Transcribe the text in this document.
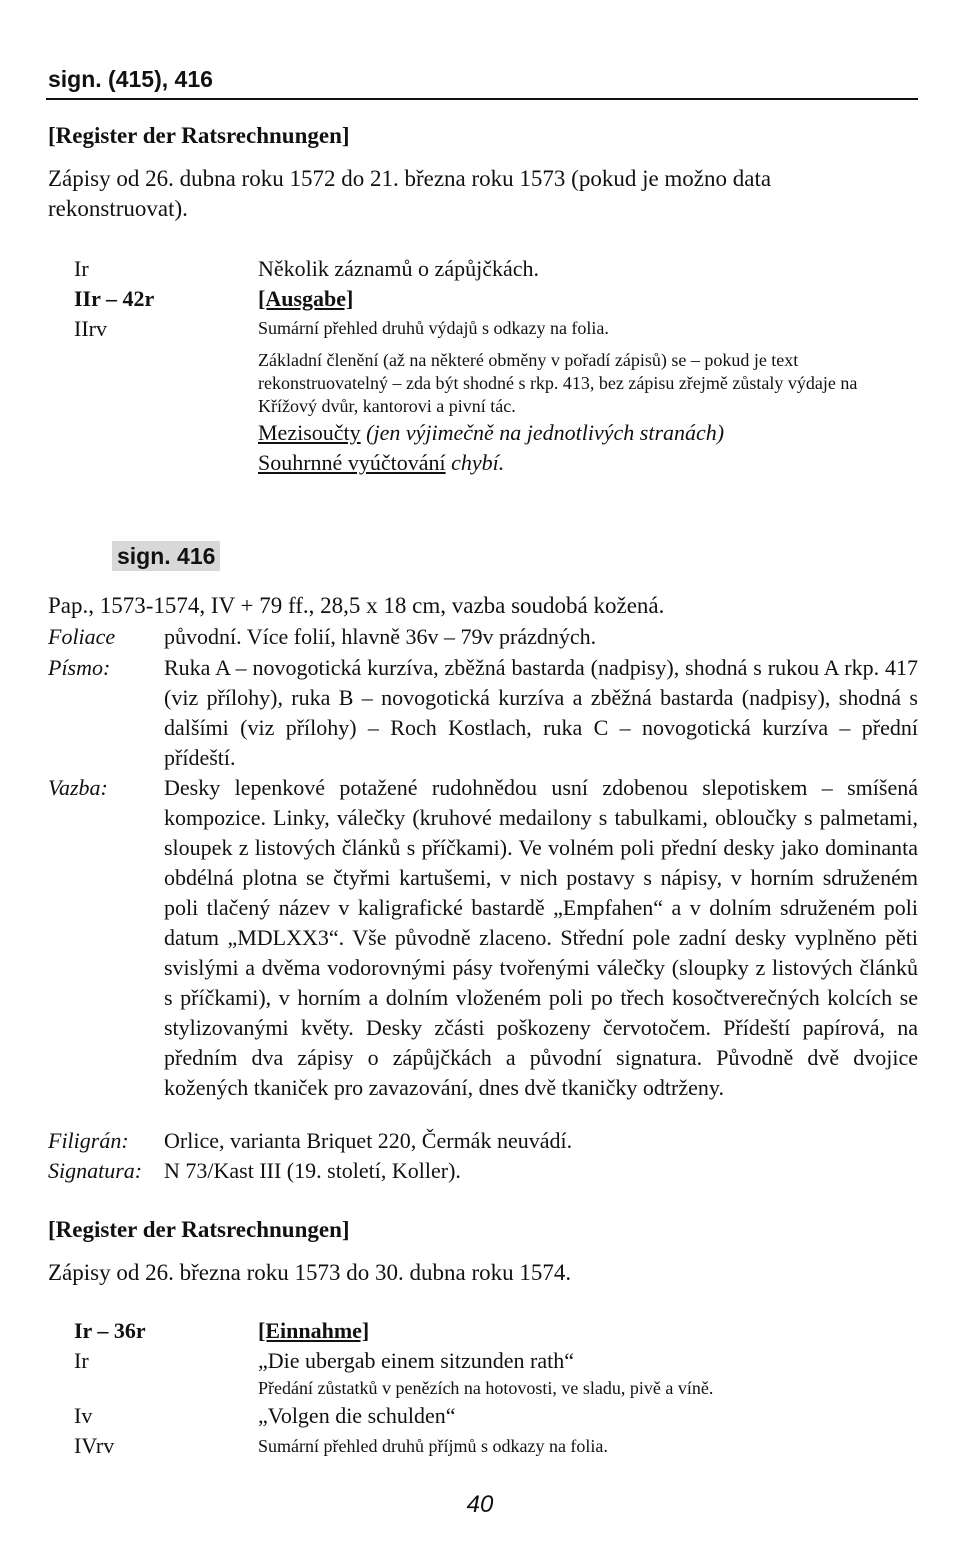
sign. (415), 416
[Register der Ratsrechnungen]
Zápisy od 26. dubna roku 1572 do 21. března roku 1573 (pokud je možno data rekonstruovat).
Ir	Několik záznamů o zápůjčkách.
IIr – 42r	[Ausgabe]
IIrv	Sumární přehled druhů výdajů s odkazy na folia.
Základní členění (až na některé obměny v pořadí zápisů) se – pokud je text rekonstruovatelný – zda být shodné s rkp. 413, bez zápisu zřejmě zůstaly výdaje na Křížový dvůr, kantorovi a pivní tác.
Mezisoučty (jen výjimečně na jednotlivých stranách)
Souhrnné vyúčtování chybí.
sign. 416
Pap., 1573-1574, IV + 79 ff., 28,5 x 18 cm, vazba soudobá kožená.
Foliace původní. Více folií, hlavně 36v – 79v prázdných.
Písmo: Ruka A – novogotická kurzíva, zběžná bastarda (nadpisy), shodná s rukou A rkp. 417 (viz přílohy), ruka B – novogotická kurzíva a zběžná bastarda (nadpisy), shodná s dalšími (viz přílohy) – Roch Kostlach, ruka C – novogotická kurzíva – přední přídeští.
Vazba:	Desky lepenkové potažené rudohnědou usní zdobenou slepotiskem – smíšená kompozice. Linky, válečky (kruhové medailony s tabulkami, obloučky s palmetami, sloupek z listových článků s příčkami). Ve volném poli přední desky jako dominanta obdélná plotna se čtyřmi kartušemi, v nich postavy s nápisy, v horním sdruženém poli tlačený název v kaligrafické bastardě „Empfahen“ a v dolním sdruženém poli datum „MDLXX3“. Vše původně zlaceno. Střední pole zadní desky vyplněno pěti svislými a dvěma vodorovnými pásy tvořenými válečky (sloupky z listových článků s příčkami), v horním a dolním vloženém poli po třech kosočtverečných kolcích se stylizovanými květy. Desky zčásti poškozeny červotočem. Přídeští papírová, na předním dva zápisy o zápůjčkách a původní signatura. Původně dvě dvojice kožených tkaniček pro zavazování, dnes dvě tkaničky odtrženy.
Filigrán: Orlice, varianta Briquet 220, Čermák neuvádí.
Signatura: N 73/Kast III (19. století, Koller).
[Register der Ratsrechnungen]
Zápisy od 26. března roku 1573 do 30. dubna roku 1574.
Ir – 36r	[Einnahme]
Ir	„Die ubergab einem sitzunden rath“
Předání zůstatků v penězích na hotovosti, ve sladu, pivě a víně.
Iv	„Volgen die schulden“
IVrv	Sumární přehled druhů příjmů s odkazy na folia.
40
